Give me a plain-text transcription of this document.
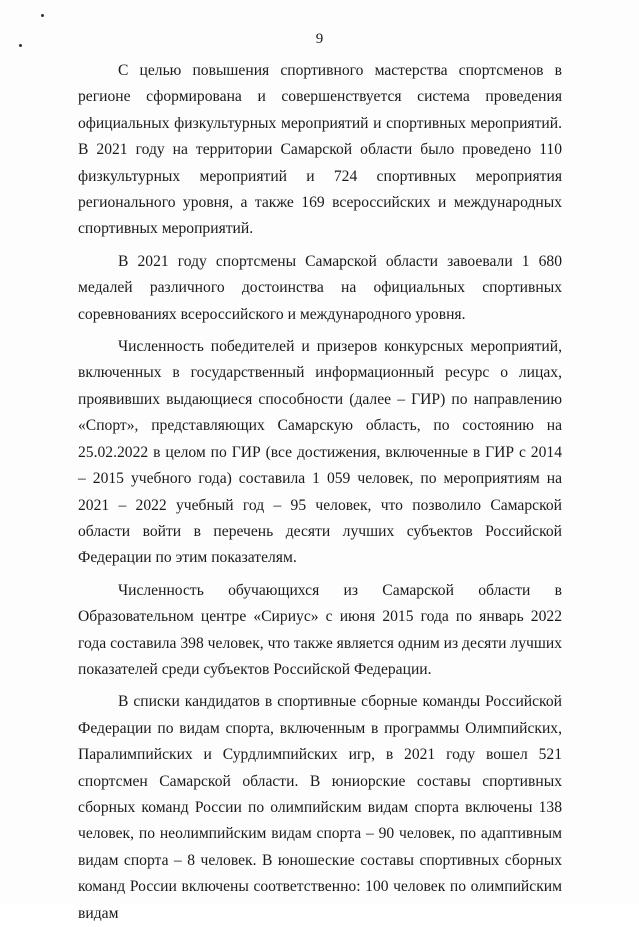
9

С целью повышения спортивного мастерства спортсменов в регионе сформирована и совершенствуется система проведения официальных физкультурных мероприятий и спортивных мероприятий. В 2021 году на территории Самарской области было проведено 110 физкультурных мероприятий и 724 спортивных мероприятия регионального уровня, а также 169 всероссийских и международных спортивных мероприятий.

В 2021 году спортсмены Самарской области завоевали 1 680 медалей различного достоинства на официальных спортивных соревнованиях всероссийского и международного уровня.

Численность победителей и призеров конкурсных мероприятий, включенных в государственный информационный ресурс о лицах, проявивших выдающиеся способности (далее – ГИР) по направлению «Спорт», представляющих Самарскую область, по состоянию на 25.02.2022 в целом по ГИР (все достижения, включенные в ГИР с 2014 – 2015 учебного года) составила 1 059 человек, по мероприятиям на 2021 – 2022 учебный год – 95 человек, что позволило Самарской области войти в перечень десяти лучших субъектов Российской Федерации по этим показателям.

Численность обучающихся из Самарской области в Образовательном центре «Сириус» с июня 2015 года по январь 2022 года составила 398 человек, что также является одним из десяти лучших показателей среди субъектов Российской Федерации.

В списки кандидатов в спортивные сборные команды Российской Федерации по видам спорта, включенным в программы Олимпийских, Паралимпийских и Сурдлимпийских игр, в 2021 году вошел 521 спортсмен Самарской области. В юниорские составы спортивных сборных команд России по олимпийским видам спорта включены 138 человек, по неолимпийским видам спорта – 90 человек, по адаптивным видам спорта – 8 человек. В юношеские составы спортивных сборных команд России включены соответственно: 100 человек по олимпийским видам
